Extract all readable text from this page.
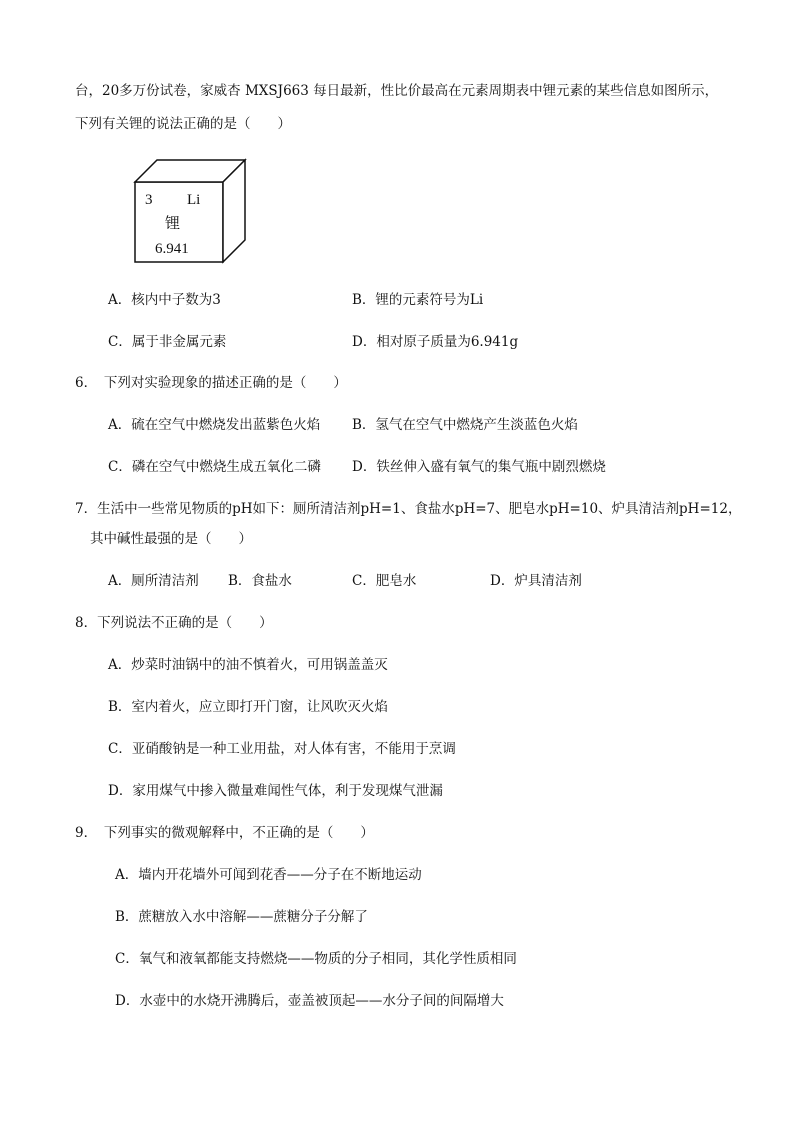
台，20多万份试卷，家威杏 MXSJ663 每日最新，性比价最高在元素周期表中锂元素的某些信息如图所示，
下列有关锂的说法正确的是（　　）
3 Li
锂
6.941
A．核内中子数为3	B．锂的元素符号为Li
C．属于非金属元素	D．相对原子质量为6.941g
6．　下列对实验现象的描述正确的是（　　）
A．硫在空气中燃烧发出蓝紫色火焰 B．氢气在空气中燃烧产生淡蓝色火焰
C．磷在空气中燃烧生成五氧化二磷 D．铁丝伸入盛有氧气的集气瓶中剧烈燃烧
7．生活中一些常见物质的pH如下：厕所清洁剂pH=1、食盐水pH=7、肥皂水pH=10、炉具清洁剂pH=12，
其中碱性最强的是（　　）
A．厕所清洁剂 B．食盐水	C．肥皂水	D．炉具清洁剂
8．下列说法不正确的是（　　）
A．炒菜时油锅中的油不慎着火，可用锅盖盖灭
B．室内着火，应立即打开门窗，让风吹灭火焰
C．亚硝酸钠是一种工业用盐，对人体有害，不能用于烹调
D．家用煤气中掺入微量难闻性气体，利于发现煤气泄漏
9．　下列事实的微观解释中，不正确的是（　　）
A．墙内开花墙外可闻到花香——分子在不断地运动
B．蔗糖放入水中溶解——蔗糖分子分解了
C．氧气和液氧都能支持燃烧——物质的分子相同，其化学性质相同
D．水壶中的水烧开沸腾后，壶盖被顶起——水分子间的间隔增大
